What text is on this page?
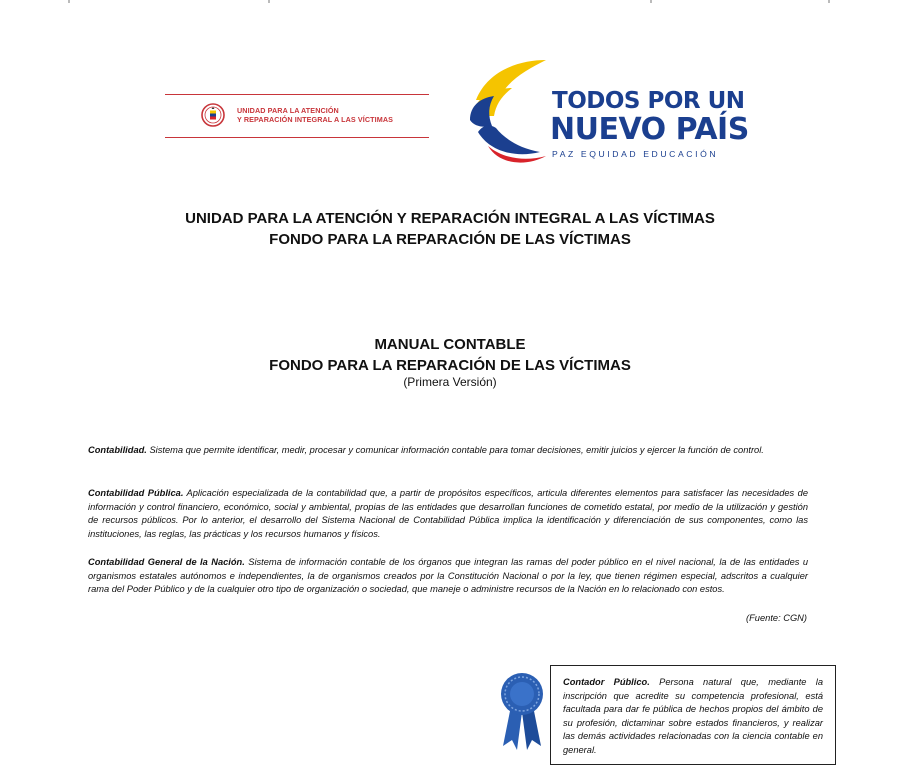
UNIDAD PARA LA ATENCIÓN
Y REPARACIÓN INTEGRAL A LAS VÍCTIMAS
TODOS POR UN
NUEVO PAÍS
PAZ EQUIDAD EDUCACIÓN
UNIDAD PARA LA ATENCIÓN Y REPARACIÓN INTEGRAL A LAS VÍCTIMAS
FONDO PARA LA REPARACIÓN DE LAS VÍCTIMAS
MANUAL CONTABLE
FONDO PARA LA REPARACIÓN DE LAS VÍCTIMAS
(Primera Versión)
Contabilidad. Sistema que permite identificar, medir, procesar y comunicar información contable para tomar decisiones, emitir juicios y ejercer la función de control.
Contabilidad Pública. Aplicación especializada de la contabilidad que, a partir de propósitos específicos, articula diferentes elementos para satisfacer las necesidades de información y control financiero, económico, social y ambiental, propias de las entidades que desarrollan funciones de cometido estatal, por medio de la utilización y gestión de recursos públicos. Por lo anterior, el desarrollo del Sistema Nacional de Contabilidad Pública implica la identificación y diferenciación de sus componentes, como las instituciones, las reglas, las prácticas y los recursos humanos y físicos.
Contabilidad General de la Nación. Sistema de información contable de los órganos que integran las ramas del poder público en el nivel nacional, la de las entidades u organismos estatales autónomos e independientes, la de organismos creados por la Constitución Nacional o por la ley, que tienen régimen especial, adscritos a cualquier rama del Poder Público y de la cualquier otro tipo de organización o sociedad, que maneje o administre recursos de la Nación en lo relacionado con estos.
(Fuente: CGN)
Contador Público. Persona natural que, mediante la inscripción que acredite su competencia profesional, está facultada para dar fe pública de hechos propios del ámbito de su profesión, dictaminar sobre estados financieros, y realizar las demás actividades relacionadas con la ciencia contable en general.
